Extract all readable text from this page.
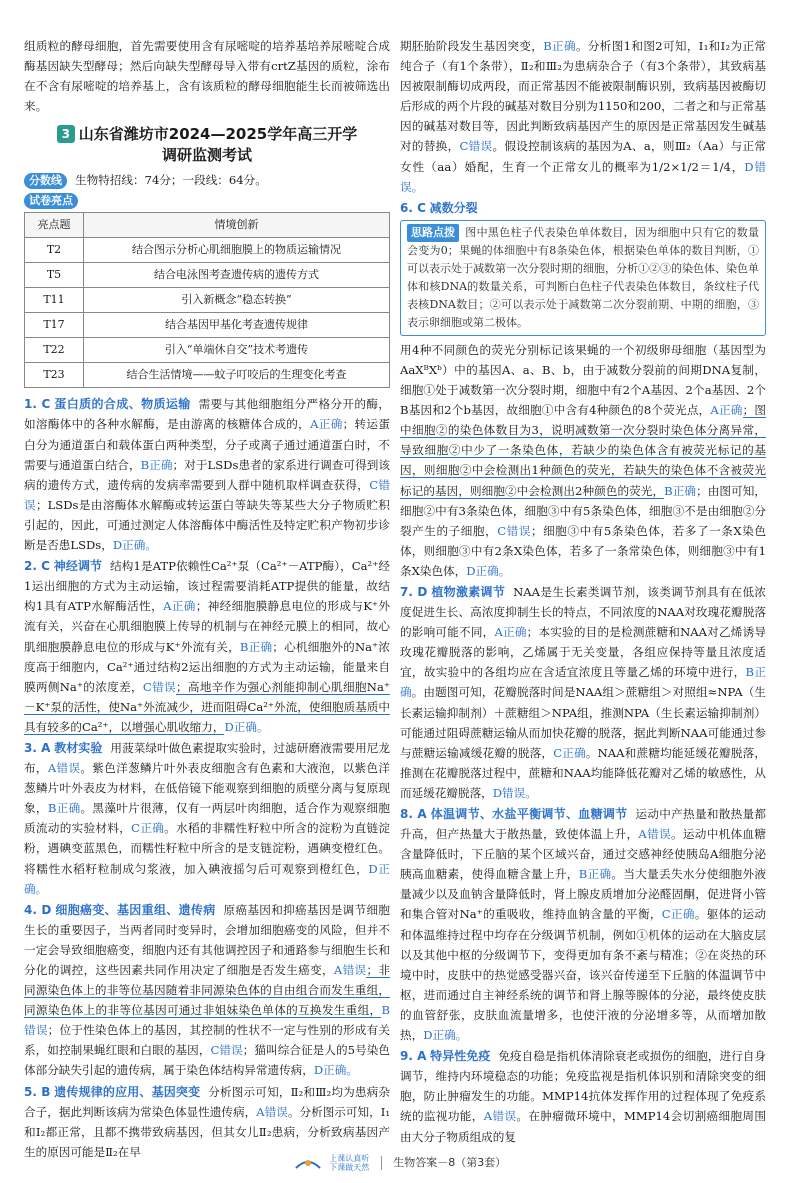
组质粒的酵母细胞，首先需要使用含有尿嘧啶的培养基培养尿嘧啶合成酶基因缺失型酵母；然后向缺失型酵母导入带有crtZ基因的质粒，涂布在不含有尿嘧啶的培养基上，含有该质粒的酵母细胞能生长而被筛选出来。

3 山东省潍坊市2024—2025学年高三开学
调研监测考试
分数线 生物特招线：74分；一段线：64分。
试卷亮点
亮点题	情境创新
T2	结合图示分析心肌细胞膜上的物质运输情况
T5	结合电泳图考查遗传病的遗传方式
T11	引入新概念“稳态转换”
T17	结合基因甲基化考查遗传规律
T22	引入“单端休自交”技术考遗传
T23	结合生活情境——蚊子叮咬后的生理变化考查

1. C 蛋白质的合成、物质运输 需要与其他细胞组分严格分开的酶，如溶酶体中的各种水解酶，是由游离的核糖体合成的，A正确；转运蛋白分为通道蛋白和载体蛋白两种类型，分子或离子通过通道蛋白时，不需要与通道蛋白结合，B正确；对于LSDs患者的家系进行调查可得到该病的遗传方式，遗传病的发病率需要到人群中随机取样调查获得，C错误；LSDs是由溶酶体水解酶或转运蛋白等缺失等某些大分子物质贮积引起的，因此，可通过测定人体溶酶体中酶活性及特定贮积产物初步诊断是否患LSDs，D正确。

2. C 神经调节 结构1是ATP依赖性Ca²⁺泵（Ca²⁺－ATP酶），Ca²⁺经1运出细胞的方式为主动运输，该过程需要消耗ATP提供的能量，故结构1具有ATP水解酶活性，A正确；神经细胞膜静息电位的形成与K⁺外流有关，兴奋在心肌细胞膜上传导的机制与在神经元膜上的相同，故心肌细胞膜静息电位的形成与K⁺外流有关，B正确；心机细胞外的Na⁺浓度高于细胞内，Ca²⁺通过结构2运出细胞的方式为主动运输，能量来自膜两侧Na⁺的浓度差，C错误；高地辛作为强心剂能抑制心肌细胞Na⁺－K⁺泵的活性，使Na⁺外流减少，进而阻碍Ca²⁺外流，使细胞质基质中具有较多的Ca²⁺，以增强心肌收缩力，D正确。

3. A 教材实验 用菠菜绿叶做色素提取实验时，过滤研磨液需要用尼龙布，A错误。紫色洋葱鳞片叶外表皮细胞含有色素和大液泡，以紫色洋葱鳞片叶外表皮为材料，在低倍镜下能观察到细胞的质壁分离与复原现象，B正确。黑藻叶片很薄，仅有一两层叶肉细胞，适合作为观察细胞质流动的实验材料，C正确。水稻的非糯性籽粒中所含的淀粉为直链淀粉，遇碘变蓝黑色，而糯性籽粒中所含的是支链淀粉，遇碘变橙红色。将糯性水稻籽粒制成匀浆液，加入碘液摇匀后可观察到橙红色，D正确。

4. D 细胞癌变、基因重组、遗传病 原癌基因和抑癌基因是调节细胞生长的重要因子，当两者同时变异时，会增加细胞癌变的风险，但并不一定会导致细胞癌变，细胞内还有其他调控因子和通路参与细胞生长和分化的调控，这些因素共同作用决定了细胞是否发生癌变，A错误；非同源染色体上的非等位基因随着非同源染色体的自由组合而发生重组，同源染色体上的非等位基因可通过非姐妹染色单体的互换发生重组，B错误；位于性染色体上的基因，其控制的性状不一定与性别的形成有关系，如控制果蝇红眼和白眼的基因，C错误；猫叫综合征是人的5号染色体部分缺失引起的遗传病，属于染色体结构异常遗传病，D正确。

5. B 遗传规律的应用、基因突变 分析图示可知，Ⅱ₂和Ⅲ₂均为患病杂合子，据此判断该病为常染色体显性遗传病，A错误。分析图示可知，Ⅰ₁和Ⅰ₂都正常，且都不携带致病基因，但其女儿Ⅱ₂患病，分析致病基因产生的原因可能是Ⅱ₂在早

期胚胎阶段发生基因突变，B正确。分析图1和图2可知，Ⅰ₁和Ⅰ₂为正常纯合子（有1个条带），Ⅱ₂和Ⅲ₂为患病杂合子（有3个条带），其致病基因被限制酶切成两段，而正常基因不能被限制酶识别，致病基因被酶切后形成的两个片段的碱基对数目分别为1150和200，二者之和与正常基因的碱基对数目等，因此判断致病基因产生的原因是正常基因发生碱基对的替换，C错误。假设控制该病的基因为A、a，则Ⅲ₂（Aa）与正常女性（aa）婚配，生育一个正常女儿的概率为1/2×1/2＝1/4，D错误。

6. C 减数分裂

思路点拨 图中黑色柱子代表染色单体数目，因为细胞中只有它的数量会变为0；果蝇的体细胞中有8条染色体，根据染色单体的数目判断，①可以表示处于减数第一次分裂时期的细胞，分析①②③的染色体、染色单体和核DNA的数量关系，可判断白色柱子代表染色体数目，条纹柱子代表核DNA数目；②可以表示处于减数第二次分裂前期、中期的细胞，③表示卵细胞或第二极体。

用4种不同颜色的荧光分别标记该果蝇的一个初级卵母细胞（基因型为AaXᴮXᵇ）中的基因A、a、B、b，由于减数分裂前的间期DNA复制，细胞①处于减数第一次分裂时期，细胞中有2个A基因、2个a基因、2个B基因和2个b基因，故细胞①中含有4种颜色的8个荧光点，A正确；图中细胞②的染色体数目为3，说明减数第一次分裂时染色体分离异常，导致细胞②中少了一条染色体，若缺少的染色体含有被荧光标记的基因，则细胞②中会检测出1种颜色的荧光，若缺失的染色体不含被荧光标记的基因，则细胞②中会检测出2种颜色的荧光，B正确；由图可知，细胞②中有3条染色体，细胞③中有5条染色体，细胞③不是由细胞②分裂产生的子细胞，C错误；细胞③中有5条染色体，若多了一条X染色体，则细胞③中有2条X染色体，若多了一条常染色体，则细胞③中有1条X染色体，D正确。

7. D 植物激素调节 NAA是生长素类调节剂，该类调节剂具有在低浓度促进生长、高浓度抑制生长的特点，不同浓度的NAA对玫瑰花瓣脱落的影响可能不同，A正确；本实验的目的是检测蔗糖和NAA对乙烯诱导玫瑰花瓣脱落的影响，乙烯属于无关变量，各组应保持等量且浓度适宜，故实验中的各组均应在含适宜浓度且等量乙烯的环境中进行，B正确。由题图可知，花瓣脱落时间是NAA组＞蔗糖组＞对照组≈NPA（生长素运输抑制剂）＋蔗糖组＞NPA组，推测NPA（生长素运输抑制剂）可能通过阻碍蔗糖运输从而加快花瓣的脱落，据此判断NAA可能通过参与蔗糖运输减缓花瓣的脱落，C正确。NAA和蔗糖均能延缓花瓣脱落，推测在花瓣脱落过程中，蔗糖和NAA均能降低花瓣对乙烯的敏感性，从而延缓花瓣脱落，D错误。

8. A 体温调节、水盐平衡调节、血糖调节 运动中产热量和散热量都升高，但产热量大于散热量，致使体温上升，A错误。运动中机体血糖含量降低时，下丘脑的某个区域兴奋，通过交感神经使胰岛A细胞分泌胰高血糖素，使得血糖含量上升，B正确。当大量丢失水分使细胞外液量减少以及血钠含量降低时，肾上腺皮质增加分泌醛固酮，促进肾小管和集合管对Na⁺的重吸收，维持血钠含量的平衡，C正确。躯体的运动和体温维持过程中均存在分级调节机制，例如①机体的运动在大脑皮层以及其他中枢的分级调节下，变得更加有条不紊与精准；②在炎热的环境中时，皮肤中的热觉感受器兴奋，该兴奋传递至下丘脑的体温调节中枢，进而通过自主神经系统的调节和肾上腺等腺体的分泌，最终使皮肤的血管舒张，皮肤血流量增多，也使汗液的分泌增多等，从而增加散热，D正确。

9. A 特异性免疫 免疫自稳是指机体清除衰老或损伤的细胞，进行自身调节，维持内环境稳态的功能；免疫监视是指机体识别和清除突变的细胞，防止肿瘤发生的功能。MMP14抗体发挥作用的过程体现了免疫系统的监视功能，A错误。在肿瘤微环境中，MMP14会切割癌细胞周围由大分子物质组成的复

上课认真听
下课做天然 生物答案－8（第3套）
